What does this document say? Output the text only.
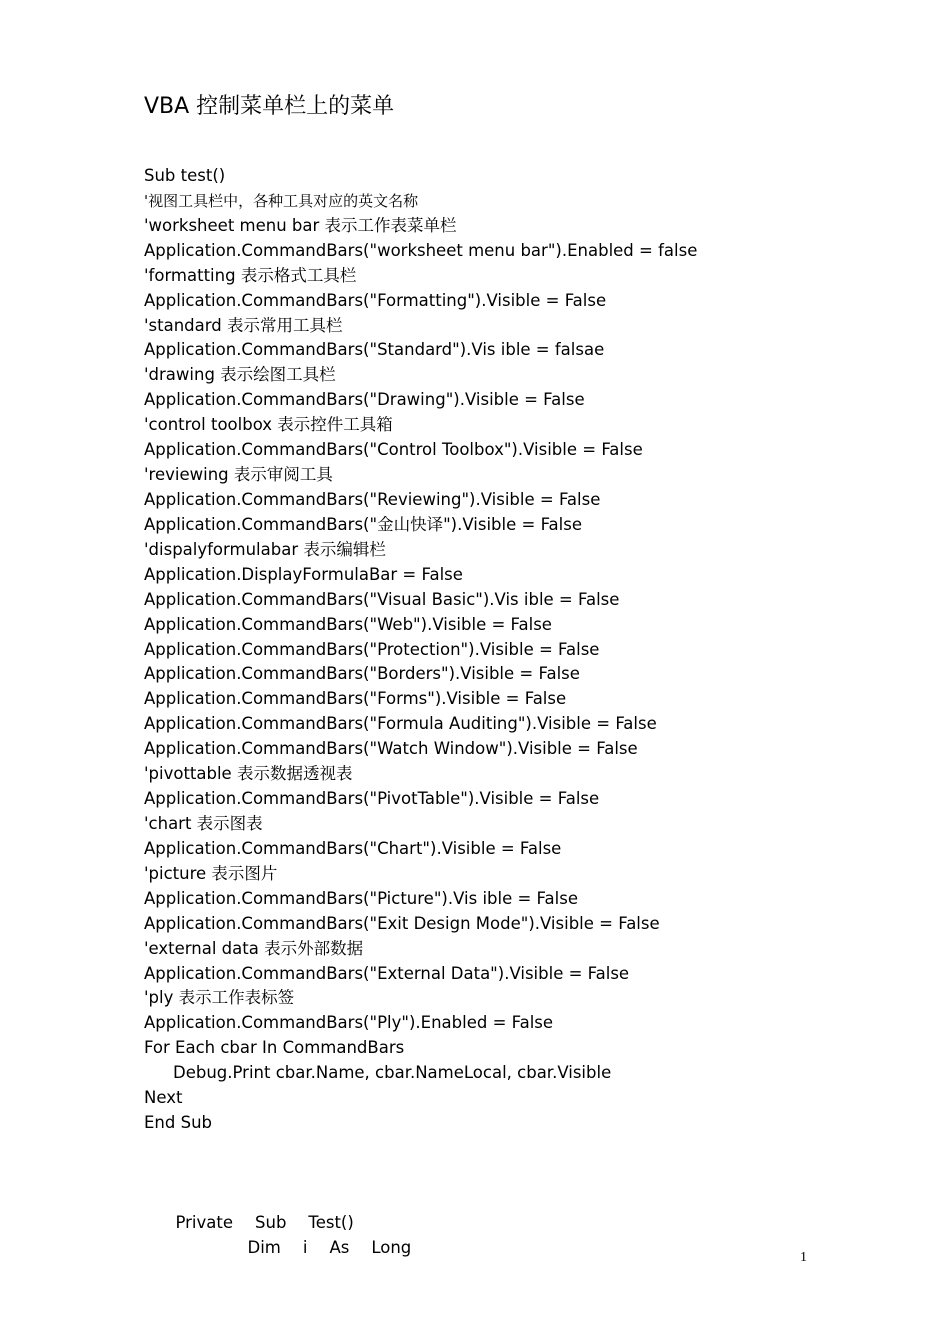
VBA 控制菜单栏上的菜单
Sub test()
'视图工具栏中，各种工具对应的英文名称
'worksheet menu bar 表示工作表菜单栏
Application.CommandBars("worksheet menu bar").Enabled = false
'formatting 表示格式工具栏
Application.CommandBars("Formatting").Visible = False
'standard 表示常用工具栏
Application.CommandBars("Standard").Vis ible = falsae
'drawing 表示绘图工具栏
Application.CommandBars("Drawing").Visible = False
'control toolbox 表示控件工具箱
Application.CommandBars("Control Toolbox").Visible = False
'reviewing 表示审阅工具
Application.CommandBars("Reviewing").Visible = False
Application.CommandBars("金山快译").Visible = False
'dispalyformulabar 表示编辑栏
Application.DisplayFormulaBar = False
Application.CommandBars("Visual Basic").Vis ible = False
Application.CommandBars("Web").Visible = False
Application.CommandBars("Protection").Visible = False
Application.CommandBars("Borders").Visible = False
Application.CommandBars("Forms").Visible = False
Application.CommandBars("Formula Auditing").Visible = False
Application.CommandBars("Watch Window").Visible = False
'pivottable 表示数据透视表
Application.CommandBars("PivotTable").Visible = False
'chart 表示图表
Application.CommandBars("Chart").Visible = False
'picture 表示图片
Application.CommandBars("Picture").Vis ible = False
Application.CommandBars("Exit Design Mode").Visible = False
'external data 表示外部数据
Application.CommandBars("External Data").Visible = False
'ply 表示工作表标签
Application.CommandBars("Ply").Enabled = False
For Each cbar In CommandBars
Debug.Print cbar.Name, cbar.NameLocal, cbar.Visible
Next
End Sub

Private Sub Test()

Dim i As Long

1
